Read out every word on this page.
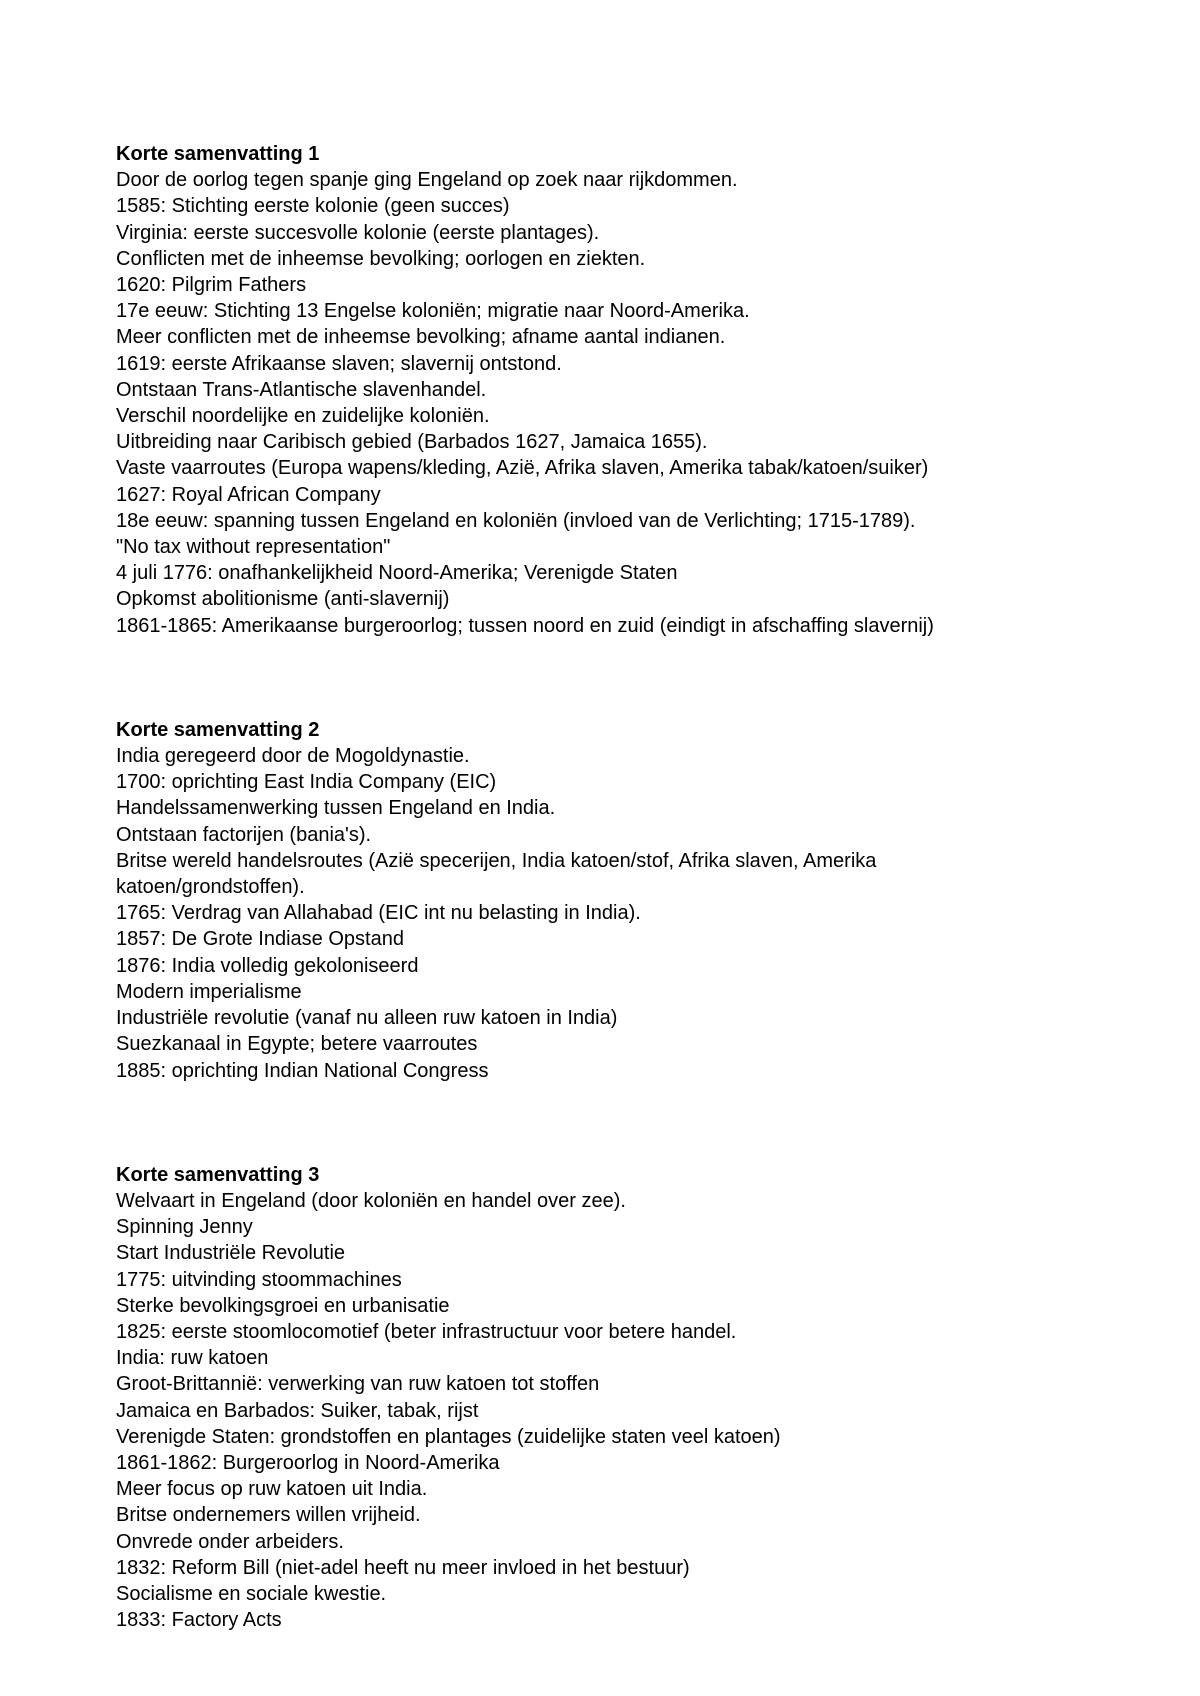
Korte samenvatting 1

Door de oorlog tegen spanje ging Engeland op zoek naar rijkdommen.
1585: Stichting eerste kolonie (geen succes)
Virginia: eerste succesvolle kolonie (eerste plantages).
Conflicten met de inheemse bevolking; oorlogen en ziekten.
1620: Pilgrim Fathers
17e eeuw: Stichting 13 Engelse koloniën; migratie naar Noord-Amerika.
Meer conflicten met de inheemse bevolking; afname aantal indianen.
1619: eerste Afrikaanse slaven; slavernij ontstond.
Ontstaan Trans-Atlantische slavenhandel.
Verschil noordelijke en zuidelijke koloniën.
Uitbreiding naar Caribisch gebied (Barbados 1627, Jamaica 1655).
Vaste vaarroutes (Europa wapens/kleding, Azië, Afrika slaven, Amerika tabak/katoen/suiker)
1627: Royal African Company
18e eeuw: spanning tussen Engeland en koloniën (invloed van de Verlichting; 1715-1789).
"No tax without representation"
4 juli 1776: onafhankelijkheid Noord-Amerika; Verenigde Staten
Opkomst abolitionisme (anti-slavernij)
1861-1865: Amerikaanse burgeroorlog; tussen noord en zuid (eindigt in afschaffing slavernij)

Korte samenvatting 2

India geregeerd door de Mogoldynastie.
1700: oprichting East India Company (EIC)
Handelssamenwerking tussen Engeland en India.
Ontstaan factorijen (bania's).
Britse wereld handelsroutes (Azië specerijen, India katoen/stof, Afrika slaven, Amerika katoen/grondstoffen).
1765: Verdrag van Allahabad (EIC int nu belasting in India).
1857: De Grote Indiase Opstand
1876: India volledig gekoloniseerd
Modern imperialisme
Industriële revolutie (vanaf nu alleen ruw katoen in India)
Suezkanaal in Egypte; betere vaarroutes
1885: oprichting Indian National Congress

Korte samenvatting 3

Welvaart in Engeland (door koloniën en handel over zee).
Spinning Jenny
Start Industriële Revolutie
1775: uitvinding stoommachines
Sterke bevolkingsgroei en urbanisatie
1825: eerste stoomlocomotief (beter infrastructuur voor betere handel.
India: ruw katoen
Groot-Brittannië: verwerking van ruw katoen tot stoffen
Jamaica en Barbados: Suiker, tabak, rijst
Verenigde Staten: grondstoffen en plantages (zuidelijke staten veel katoen)
1861-1862: Burgeroorlog in Noord-Amerika
Meer focus op ruw katoen uit India.
Britse ondernemers willen vrijheid.
Onvrede onder arbeiders.
1832: Reform Bill (niet-adel heeft nu meer invloed in het bestuur)
Socialisme en sociale kwestie.
1833: Factory Acts
